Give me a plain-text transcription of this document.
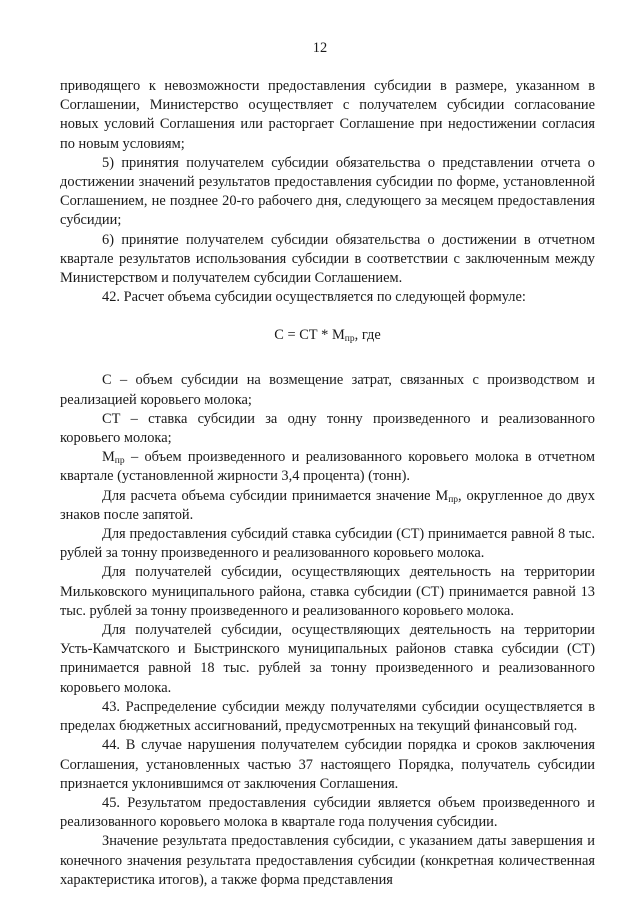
12

приводящего к невозможности предоставления субсидии в размере, указанном в Соглашении, Министерство осуществляет с получателем субсидии согласование новых условий Соглашения или расторгает Соглашение при недостижении согласия по новым условиям;

5) принятия получателем субсидии обязательства о представлении отчета о достижении значений результатов предоставления субсидии по форме, установленной Соглашением, не позднее 20-го рабочего дня, следующего за месяцем предоставления субсидии;

6) принятие получателем субсидии обязательства о достижении в отчетном квартале результатов использования субсидии в соответствии с заключенным между Министерством и получателем субсидии Соглашением.

42. Расчет объема субсидии осуществляется по следующей формуле:

С = СТ * $М_{пр}$, где

С – объем субсидии на возмещение затрат, связанных с производством и реализацией коровьего молока;

СТ – ставка субсидии за одну тонну произведенного и реализованного коровьего молока;

$М_{пр}$ – объем произведенного и реализованного коровьего молока в отчетном квартале (установленной жирности 3,4 процента) (тонн).

Для расчета объема субсидии принимается значение $М_{пр}$, округленное до двух знаков после запятой.

Для предоставления субсидий ставка субсидии (СТ) принимается равной 8 тыс. рублей за тонну произведенного и реализованного коровьего молока.

Для получателей субсидии, осуществляющих деятельность на территории Мильковского муниципального района, ставка субсидии (СТ) принимается равной 13 тыс. рублей за тонну произведенного и реализованного коровьего молока.

Для получателей субсидии, осуществляющих деятельность на территории Усть-Камчатского и Быстринского муниципальных районов ставка субсидии (СТ) принимается равной 18 тыс. рублей за тонну произведенного и реализованного коровьего молока.

43. Распределение субсидии между получателями субсидии осуществляется в пределах бюджетных ассигнований, предусмотренных на текущий финансовый год.

44. В случае нарушения получателем субсидии порядка и сроков заключения Соглашения, установленных частью 37 настоящего Порядка, получатель субсидии признается уклонившимся от заключения Соглашения.

45. Результатом предоставления субсидии является объем произведенного и реализованного коровьего молока в квартале года получения субсидии.

Значение результата предоставления субсидии, с указанием даты завершения и конечного значения результата предоставления субсидии (конкретная количественная характеристика итогов), а также форма представления
